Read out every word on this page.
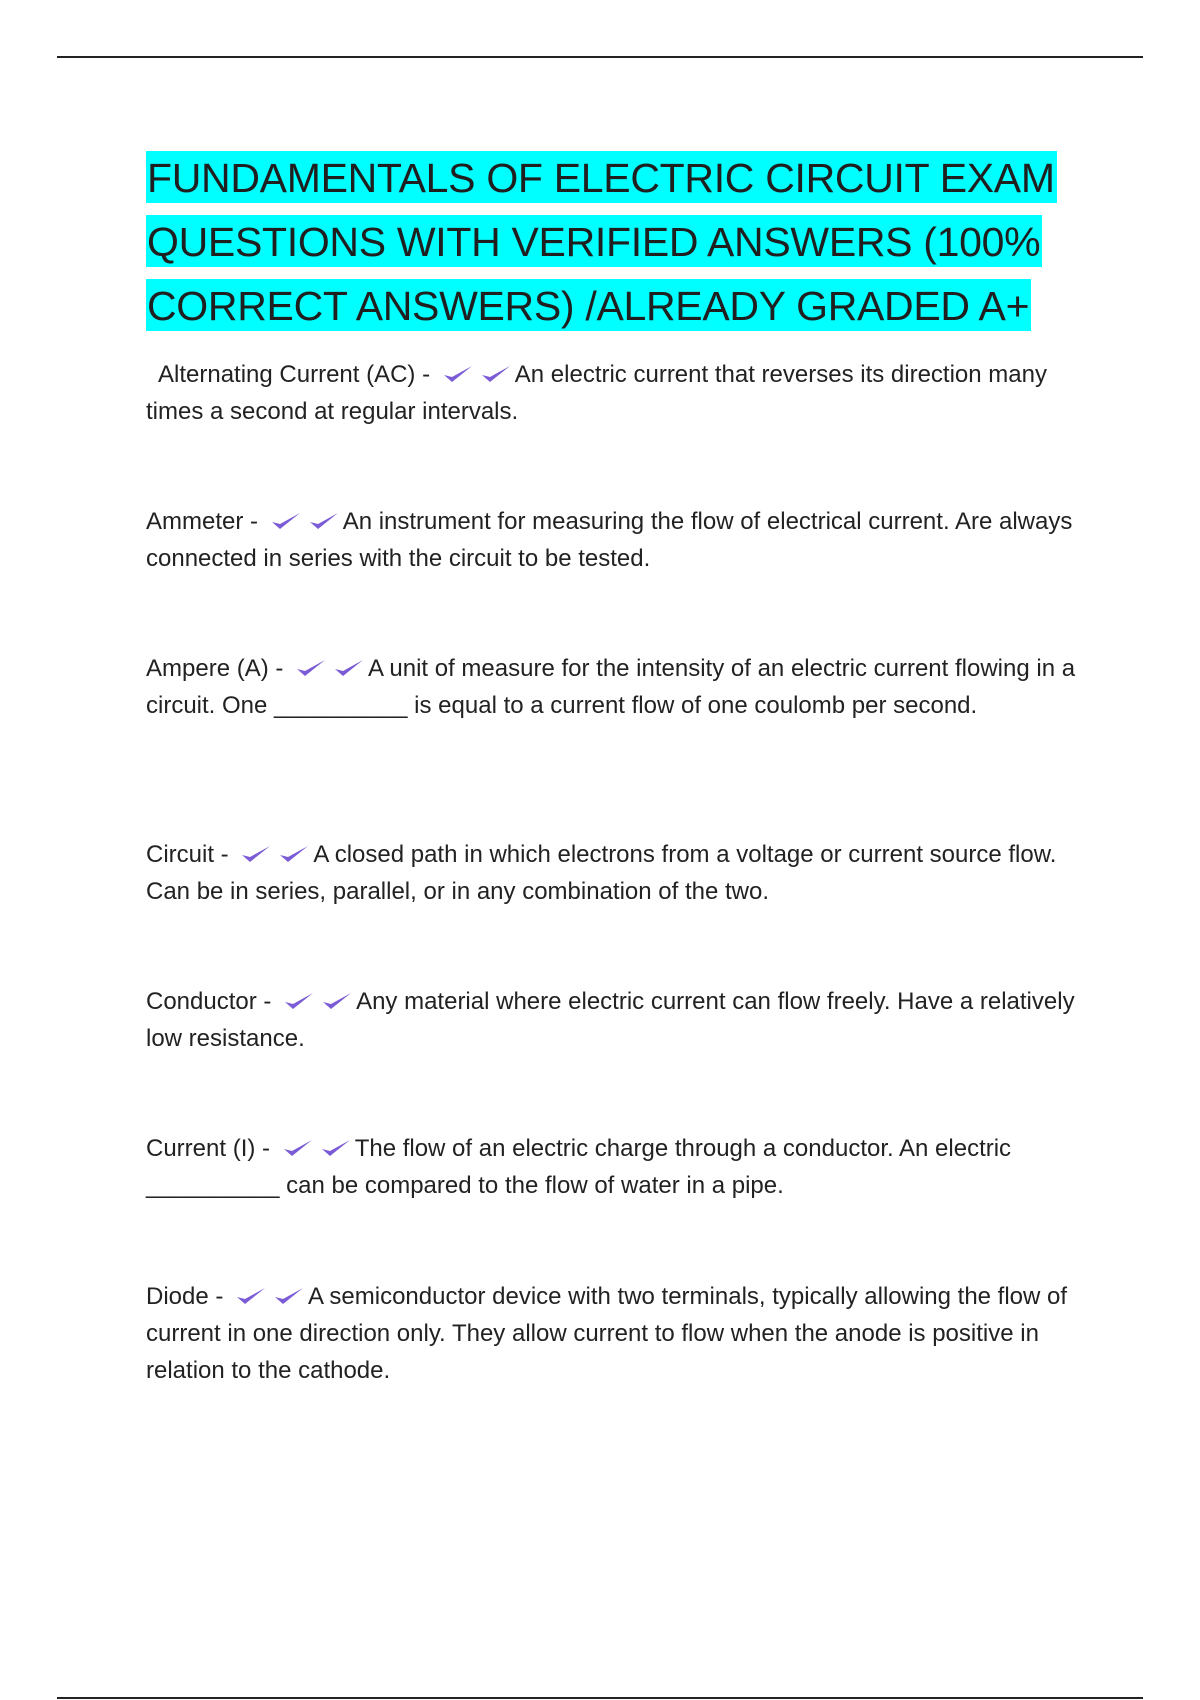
FUNDAMENTALS OF ELECTRIC CIRCUIT EXAM
QUESTIONS WITH VERIFIED ANSWERS (100%
CORRECT ANSWERS) /ALREADY GRADED A+

Alternating Current (AC) -	An electric current that reverses its direction many times a second at regular intervals.

Ammeter -	An instrument for measuring the flow of electrical current. Are always connected in series with the circuit to be tested.

Ampere (A) -	A unit of measure for the intensity of an electric current flowing in a circuit. One __________ is equal to a current flow of one coulomb per second.

Circuit -	A closed path in which electrons from a voltage or current source flow. Can be in series, parallel, or in any combination of the two.

Conductor -	Any material where electric current can flow freely. Have a relatively low resistance.

Current (I) -	The flow of an electric charge through a conductor. An electric __________ can be compared to the flow of water in a pipe.

Diode -	A semiconductor device with two terminals, typically allowing the flow of current in one direction only. They allow current to flow when the anode is positive in relation to the cathode.
